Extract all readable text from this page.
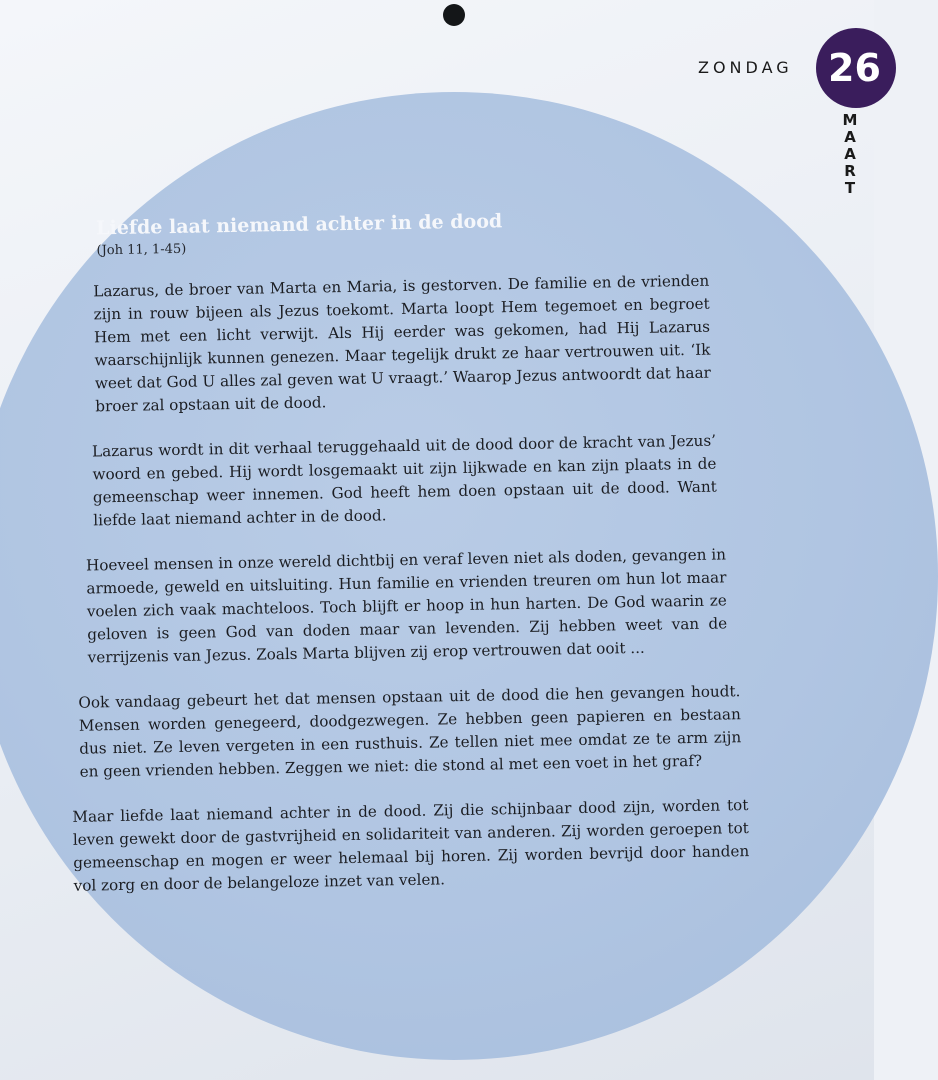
ZONDAG 26
MAART
Liefde laat niemand achter in de dood

(Joh 11, 1-45)

Lazarus, de broer van Marta en Maria, is gestorven. De familie en de vrienden zijn in rouw bijeen als Jezus toekomt. Marta loopt Hem tegemoet en begroet Hem met een licht verwijt. Als Hij eerder was gekomen, had Hij Lazarus waarschijnlijk kunnen genezen. Maar tegelijk drukt ze haar vertrouwen uit. ‘Ik weet dat God U alles zal geven wat U vraagt.’ Waarop Jezus antwoordt dat haar broer zal opstaan uit de dood.

Lazarus wordt in dit verhaal teruggehaald uit de dood door de kracht van Jezus’ woord en gebed. Hij wordt losgemaakt uit zijn lijkwade en kan zijn plaats in de gemeenschap weer innemen. God heeft hem doen opstaan uit de dood. Want liefde laat niemand achter in de dood.

Hoeveel mensen in onze wereld dichtbij en veraf leven niet als doden, gevangen in armoede, geweld en uitsluiting. Hun familie en vrienden treuren om hun lot maar voelen zich vaak machteloos. Toch blijft er hoop in hun harten. De God waarin ze geloven is geen God van doden maar van levenden. Zij hebben weet van de verrijzenis van Jezus. Zoals Marta blijven zij erop vertrouwen dat ooit ...

Ook vandaag gebeurt het dat mensen opstaan uit de dood die hen gevangen houdt. Mensen worden genegeerd, doodgezwegen. Ze hebben geen papieren en bestaan dus niet. Ze leven vergeten in een rusthuis. Ze tellen niet mee omdat ze te arm zijn en geen vrienden hebben. Zeggen we niet: die stond al met een voet in het graf?

Maar liefde laat niemand achter in de dood. Zij die schijnbaar dood zijn, worden tot leven gewekt door de gastvrijheid en solidariteit van anderen. Zij worden geroepen tot gemeenschap en mogen er weer helemaal bij horen. Zij worden bevrijd door handen vol zorg en door de belangeloze inzet van velen.
